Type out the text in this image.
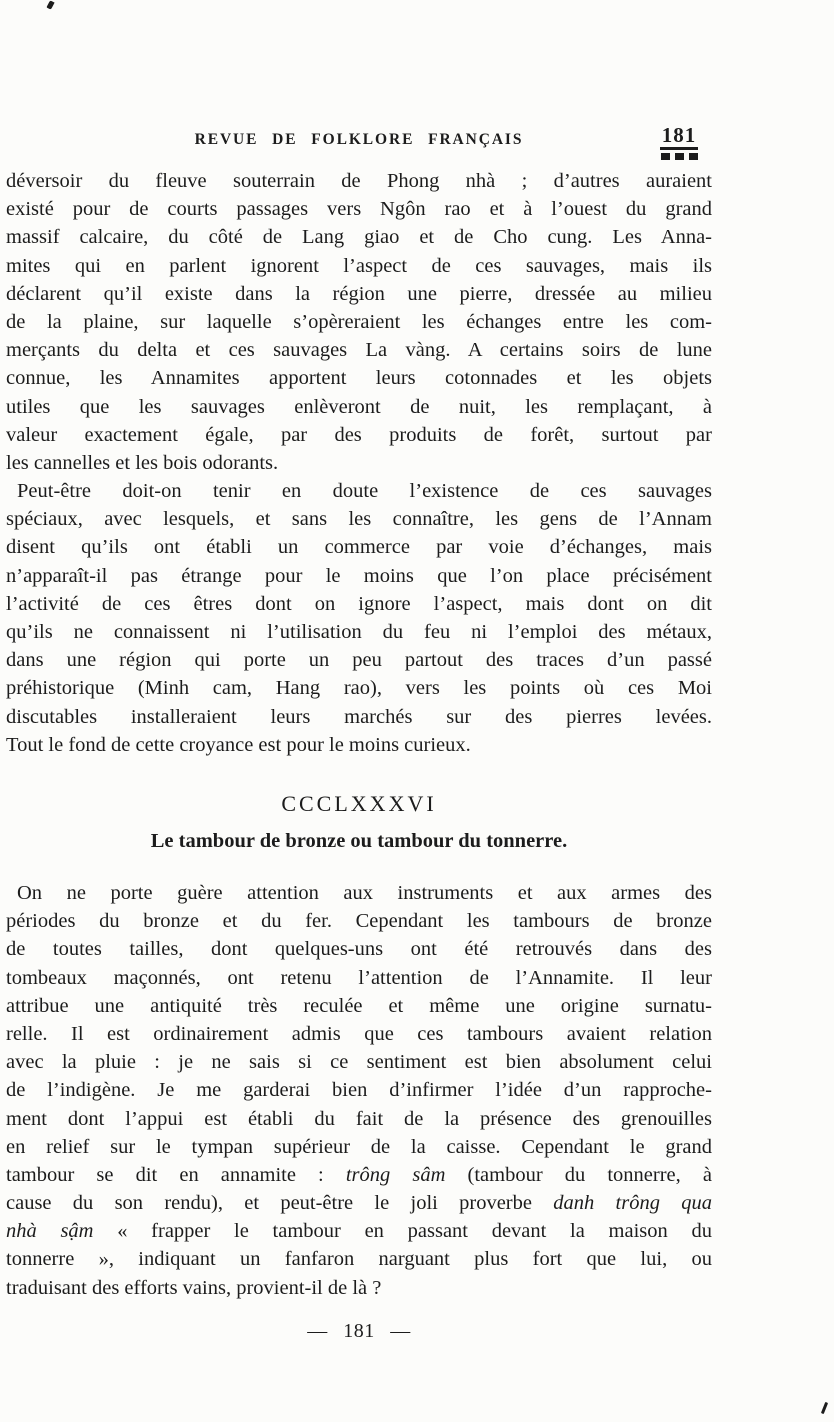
REVUE DE FOLKLORE FRANÇAIS	181
déversoir du fleuve souterrain de Phong nhà ; d’autres auraient
existé pour de courts passages vers Ngôn rao et à l’ouest du grand
massif calcaire, du côté de Lang giao et de Cho cung. Les Anna-
mites qui en parlent ignorent l’aspect de ces sauvages, mais ils
déclarent qu’il existe dans la région une pierre, dressée au milieu
de la plaine, sur laquelle s’opèreraient les échanges entre les com-
merçants du delta et ces sauvages La vàng. A certains soirs de lune
connue, les Annamites apportent leurs cotonnades et les objets
utiles que les sauvages enlèveront de nuit, les remplaçant, à
valeur exactement égale, par des produits de forêt, surtout par
les cannelles et les bois odorants.
Peut-être doit-on tenir en doute l’existence de ces sauvages
spéciaux, avec lesquels, et sans les connaître, les gens de l’Annam
disent qu’ils ont établi un commerce par voie d’échanges, mais
n’apparaît-il pas étrange pour le moins que l’on place précisément
l’activité de ces êtres dont on ignore l’aspect, mais dont on dit
qu’ils ne connaissent ni l’utilisation du feu ni l’emploi des métaux,
dans une région qui porte un peu partout des traces d’un passé
préhistorique (Minh cam, Hang rao), vers les points où ces Moi
discutables installeraient leurs marchés sur des pierres levées.
Tout le fond de cette croyance est pour le moins curieux.
CCCLXXXVI
Le tambour de bronze ou tambour du tonnerre.
On ne porte guère attention aux instruments et aux armes des
périodes du bronze et du fer. Cependant les tambours de bronze
de toutes tailles, dont quelques-uns ont été retrouvés dans des
tombeaux maçonnés, ont retenu l’attention de l’Annamite. Il leur
attribue une antiquité très reculée et même une origine surnatu-
relle. Il est ordinairement admis que ces tambours avaient relation
avec la pluie : je ne sais si ce sentiment est bien absolument celui
de l’indigène. Je me garderai bien d’infirmer l’idée d’un rapproche-
ment dont l’appui est établi du fait de la présence des grenouilles
en relief sur le tympan supérieur de la caisse. Cependant le grand
tambour se dit en annamite : trông sâm (tambour du tonnerre, à
cause du son rendu), et peut-être le joli proverbe danh trông qua
nhà sậm « frapper le tambour en passant devant la maison du
tonnerre », indiquant un fanfaron narguant plus fort que lui, ou
traduisant des efforts vains, provient-il de là ?
— 181 —
